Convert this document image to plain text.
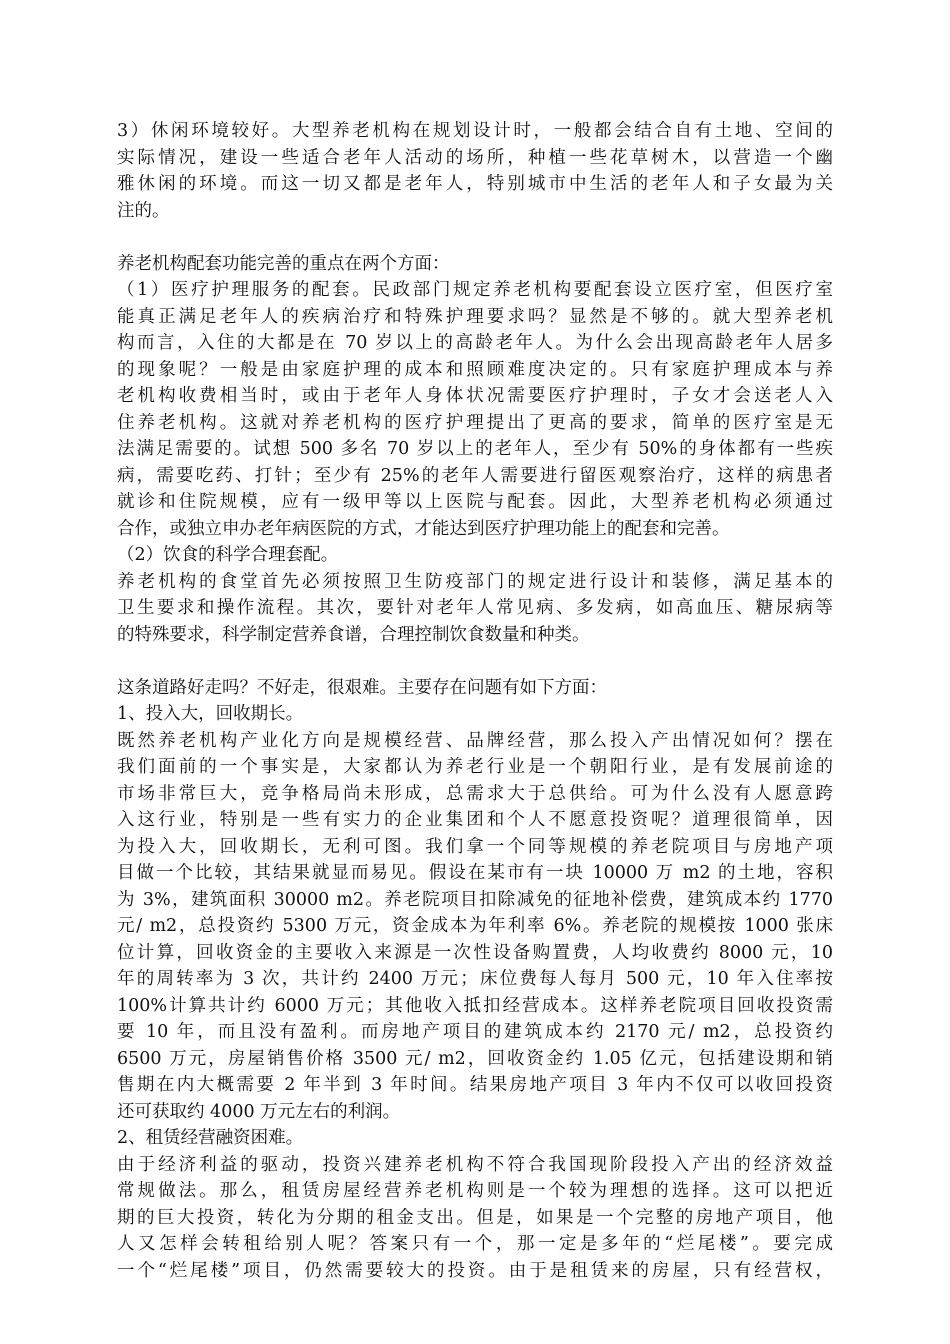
3）休闲环境较好。大型养老机构在规划设计时，一般都会结合自有土地、空间的
实际情况，建设一些适合老年人活动的场所，种植一些花草树木，以营造一个幽
雅休闲的环境。而这一切又都是老年人，特别城市中生活的老年人和子女最为关
注的。
养老机构配套功能完善的重点在两个方面：
（1）医疗护理服务的配套。民政部门规定养老机构要配套设立医疗室，但医疗室
能真正满足老年人的疾病治疗和特殊护理要求吗？显然是不够的。就大型养老机
构而言，入住的大都是在 70 岁以上的高龄老年人。为什么会出现高龄老年人居多
的现象呢？一般是由家庭护理的成本和照顾难度决定的。只有家庭护理成本与养
老机构收费相当时，或由于老年人身体状况需要医疗护理时，子女才会送老人入
住养老机构。这就对养老机构的医疗护理提出了更高的要求，简单的医疗室是无
法满足需要的。试想 500 多名 70 岁以上的老年人，至少有 50%的身体都有一些疾
病，需要吃药、打针；至少有 25%的老年人需要进行留医观察治疗，这样的病患者
就诊和住院规模，应有一级甲等以上医院与配套。因此，大型养老机构必须通过
合作，或独立申办老年病医院的方式，才能达到医疗护理功能上的配套和完善。
（2）饮食的科学合理套配。
养老机构的食堂首先必须按照卫生防疫部门的规定进行设计和装修，满足基本的
卫生要求和操作流程。其次，要针对老年人常见病、多发病，如高血压、糖尿病等
的特殊要求，科学制定营养食谱，合理控制饮食数量和种类。
这条道路好走吗？不好走，很艰难。主要存在问题有如下方面：
1、投入大，回收期长。
既然养老机构产业化方向是规模经营、品牌经营，那么投入产出情况如何？摆在
我们面前的一个事实是，大家都认为养老行业是一个朝阳行业，是有发展前途的
市场非常巨大，竞争格局尚未形成，总需求大于总供给。可为什么没有人愿意跨
入这行业，特别是一些有实力的企业集团和个人不愿意投资呢？道理很简单，因
为投入大，回收期长，无利可图。我们拿一个同等规模的养老院项目与房地产项
目做一个比较，其结果就显而易见。假设在某市有一块 10000 万 m2 的土地，容积
为 3%，建筑面积 30000 m2。养老院项目扣除减免的征地补偿费，建筑成本约 1770
元/ m2，总投资约 5300 万元，资金成本为年利率 6%。养老院的规模按 1000 张床
位计算，回收资金的主要收入来源是一次性设备购置费，人均收费约 8000 元，10
年的周转率为 3 次，共计约 2400 万元；床位费每人每月 500 元，10 年入住率按
100%计算共计约 6000 万元；其他收入抵扣经营成本。这样养老院项目回收投资需
要 10 年，而且没有盈利。而房地产项目的建筑成本约 2170 元/ m2，总投资约
6500 万元，房屋销售价格 3500 元/ m2，回收资金约 1.05 亿元，包括建设期和销
售期在内大概需要 2 年半到 3 年时间。结果房地产项目 3 年内不仅可以收回投资
还可获取约 4000 万元左右的利润。
2、租赁经营融资困难。
由于经济利益的驱动，投资兴建养老机构不符合我国现阶段投入产出的经济效益
常规做法。那么，租赁房屋经营养老机构则是一个较为理想的选择。这可以把近
期的巨大投资，转化为分期的租金支出。但是，如果是一个完整的房地产项目，他
人又怎样会转租给别人呢？答案只有一个，那一定是多年的“烂尾楼”。要完成
一个“烂尾楼”项目，仍然需要较大的投资。由于是租赁来的房屋，只有经营权，
